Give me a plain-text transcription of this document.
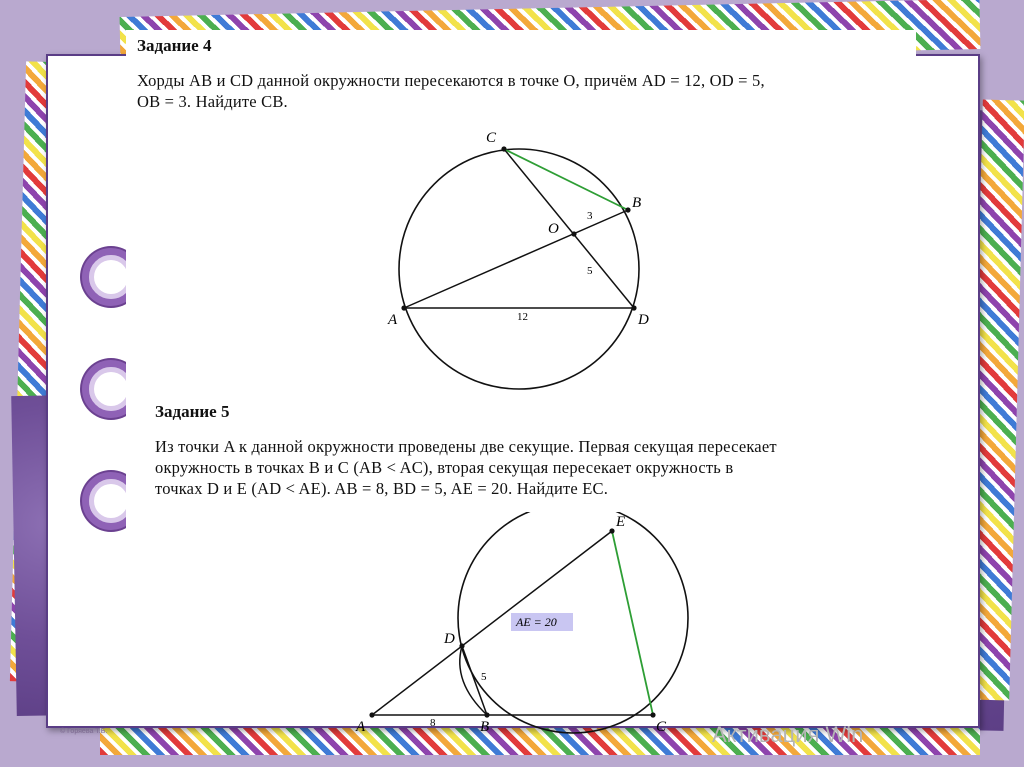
Задание 4
Хорды AB и CD данной окружности пересекаются в точке O, причём AD = 12, OD = 5,
OB = 3. Найдите CB.
C
B
O
A	D
3
5
12
Задание 5
Из точки A к данной окружности проведены две секущие. Первая секущая пересекает
окружность в точках B и C (AB < AC), вторая секущая пересекает окружность в
точках D и E (AD < AE). AB = 8, BD = 5, AE = 20. Найдите EC.
AE = 20
E
D
A	B	C
8
5
© Горяева Т.Б.	Активация Win
